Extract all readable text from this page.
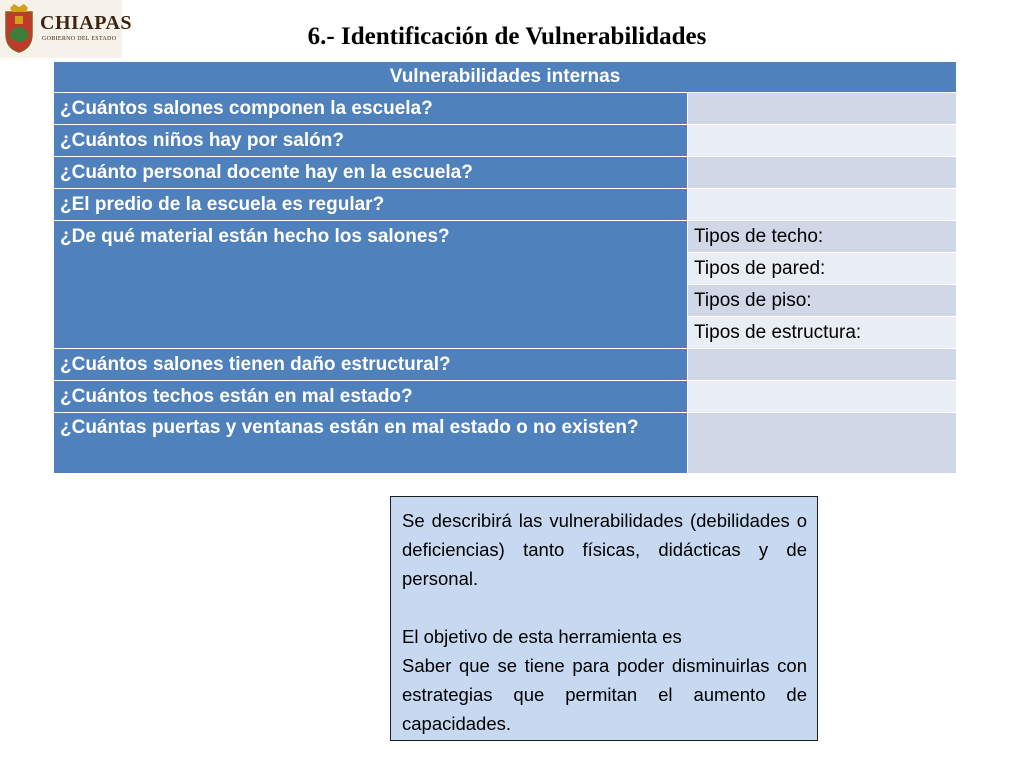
CHIAPAS
GOBIERNO DEL ESTADO	6.- Identificación de Vulnerabilidades
Vulnerabilidades internas	
¿Cuántos salones componen la escuela?	
¿Cuántos niños hay por salón?	
¿Cuánto personal docente hay en la escuela?	
¿El predio de la escuela es regular?	
¿De qué material están hecho los salones?	Tipos de techo:
	Tipos de pared:
	Tipos de piso:
	Tipos de estructura:
¿Cuántos salones tienen daño estructural?	
¿Cuántos techos están en mal estado?	
¿Cuántas puertas y ventanas están en mal estado o no existen?	

Se describirá las vulnerabilidades (debilidades o deficiencias) tanto físicas, didácticas y de personal.

El objetivo de esta herramienta es

Saber que se tiene para poder disminuirlas con estrategias que permitan el aumento de capacidades.
